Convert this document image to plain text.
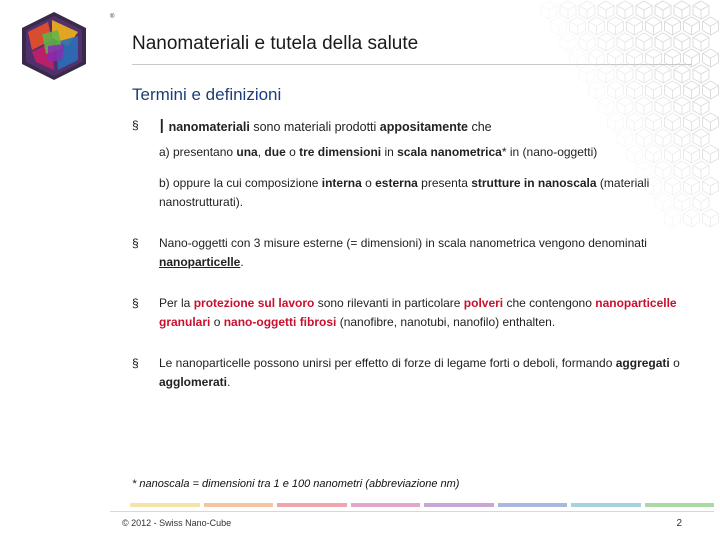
swiss
nano
cube
®
Nanomateriali e tutela della salute
Termini e definizioni
§ I nanomateriali sono materiali prodotti appositamente che
a) presentano una, due o tre dimensioni in scala nanometrica* in (nano-oggetti)
b) oppure la cui composizione interna o esterna presenta strutture in nanoscala (materiali nanostrutturati).
§ Nano-oggetti con 3 misure esterne (= dimensioni) in scala nanometrica vengono denominati nanoparticelle.
§ Per la protezione sul lavoro sono rilevanti in particolare polveri che contengono nanoparticelle granulari o nano-oggetti fibrosi (nanofibre, nanotubi, nanofilo) enthalten.
§ Le nanoparticelle possono unirsi per effetto di forze di legame forti o deboli, formando aggregati o agglomerati.

* nanoscala = dimensioni tra 1 e 100 nanometri (abbreviazione nm)

© 2012 - Swiss Nano-Cube	2
